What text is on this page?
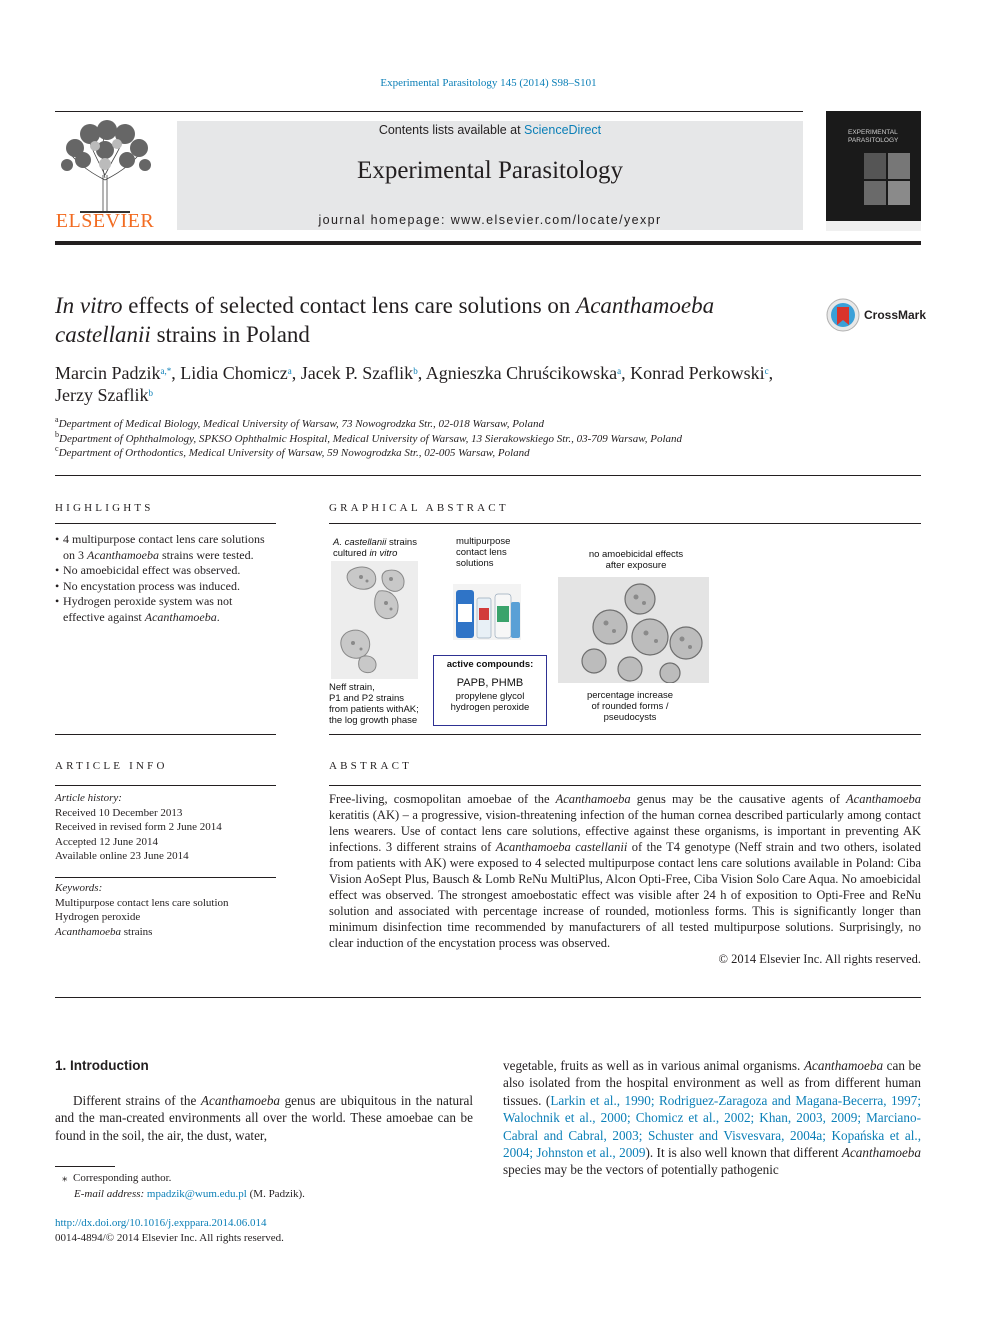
Experimental Parasitology 145 (2014) S98–S101
ELSEVIER
Contents lists available at ScienceDirect
Experimental Parasitology
journal homepage: www.elsevier.com/locate/yexpr
EXPERIMENTAL
PARASITOLOGY
In vitro effects of selected contact lens care solutions on Acanthamoeba castellanii strains in Poland
CrossMark
Marcin Padzik$^{a,*}$, Lidia Chomicz$^a$, Jacek P. Szaflik$^b$, Agnieszka Chruścikowska$^a$, Konrad Perkowski$^c$,
Jerzy Szaflik$^b$
$^a$Department of Medical Biology, Medical University of Warsaw, 73 Nowogrodzka Str., 02-018 Warsaw, Poland
$^b$Department of Ophthalmology, SPKSO Ophthalmic Hospital, Medical University of Warsaw, 13 Sierakowskiego Str., 03-709 Warsaw, Poland
$^c$Department of Orthodontics, Medical University of Warsaw, 59 Nowogrodzka Str., 02-005 Warsaw, Poland
HIGHLIGHTS
• 4 multipurpose contact lens care solutions on 3 Acanthamoeba strains were tested.
• No amoebicidal effect was observed.
• No encystation process was induced.
• Hydrogen peroxide system was not effective against Acanthamoeba.
GRAPHICAL ABSTRACT
A. castellanii strains
cultured in vitro
multipurpose
contact lens
solutions
active compounds:
PAPB, PHMB
propylene glycol
hydrogen peroxide
no amoebicidal effects
after exposure
Neff strain,
P1 and P2 strains
from patients withAK;
the log growth phase
percentage increase
of rounded forms /
pseudocysts
ARTICLE INFO
Article history:
Received 10 December 2013
Received in revised form 2 June 2014
Accepted 12 June 2014
Available online 23 June 2014
Keywords:
Multipurpose contact lens care solution
Hydrogen peroxide
Acanthamoeba strains
ABSTRACT
Free-living, cosmopolitan amoebae of the Acanthamoeba genus may be the causative agents of Acanthamoeba keratitis (AK) – a progressive, vision-threatening infection of the human cornea described particularly among contact lens wearers. Use of contact lens care solutions, effective against these organisms, is important in preventing AK infections. 3 different strains of Acanthamoeba castellanii of the T4 genotype (Neff strain and two others, isolated from patients with AK) were exposed to 4 selected multipurpose contact lens care solutions available in Poland: Ciba Vision AoSept Plus, Bausch & Lomb ReNu MultiPlus, Alcon Opti-Free, Ciba Vision Solo Care Aqua. No amoebicidal effect was observed. The strongest amoebostatic effect was visible after 24 h of exposition to Opti-Free and ReNu solution and associated with percentage increase of rounded, motionless forms. This is significantly longer than minimum disinfection time recommended by manufacturers of all tested multipurpose solutions. Surprisingly, no clear induction of the encystation process was observed.
© 2014 Elsevier Inc. All rights reserved.
1. Introduction
Different strains of the Acanthamoeba genus are ubiquitous in the natural and the man-created environments all over the world. These amoebae can be found in the soil, the air, the dust, water,
vegetable, fruits as well as in various animal organisms. Acanthamoeba can be also isolated from the hospital environment as well as from different human tissues. (Larkin et al., 1990; Rodriguez-Zaragoza and Magana-Becerra, 1997; Walochnik et al., 2000; Chomicz et al., 2002; Khan, 2003, 2009; Marciano-Cabral and Cabral, 2003; Schuster and Visvesvara, 2004a; Kopańska et al., 2004; Johnston et al., 2009). It is also well known that different Acanthamoeba species may be the vectors of potentially pathogenic
⁎ Corresponding author.
E-mail address: mpadzik@wum.edu.pl (M. Padzik).
http://dx.doi.org/10.1016/j.exppara.2014.06.014
0014-4894/© 2014 Elsevier Inc. All rights reserved.
